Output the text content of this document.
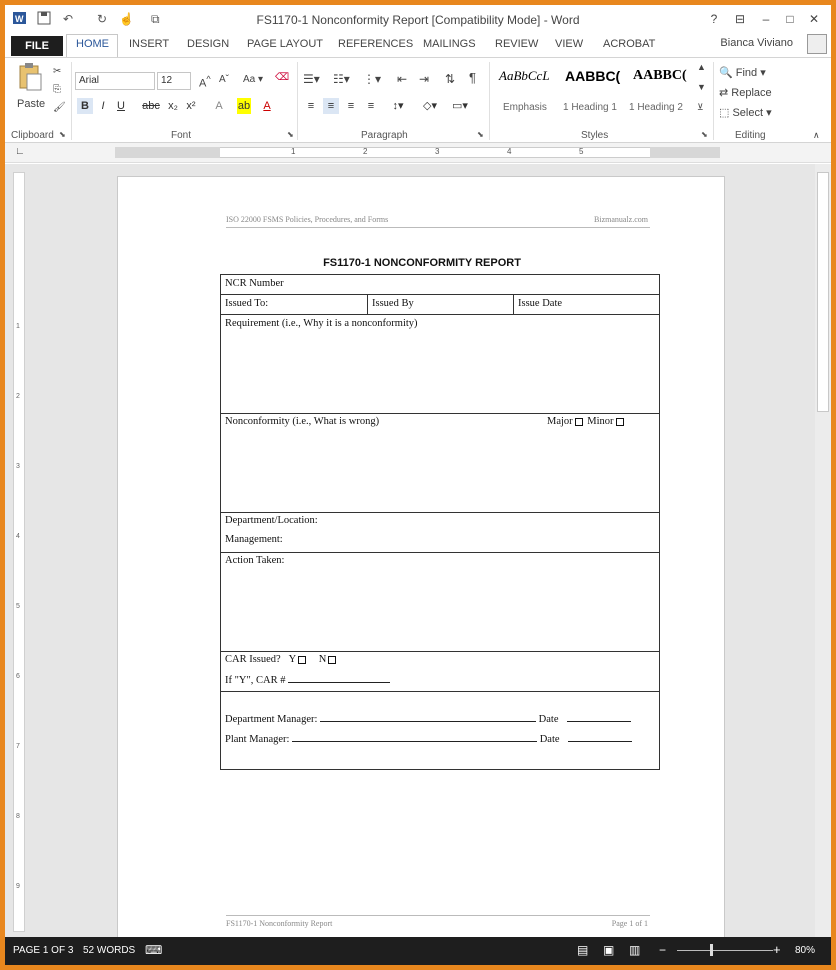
W	↶ ↻ ☝ ⧉	FS1170-1 Nonconformity Report [Compatibility Mode] - Word	?	⊟	–	□	✕
FILE	HOME INSERT DESIGN PAGE LAYOUT REFERENCES MAILINGS REVIEW VIEW ACROBAT	Bianca Viviano
Paste
✂
⎘
🖌
Clipboard ⬊
Arial	12	A^ Aˇ Aa ▾ ⌫
B	I	U	abc x₂ x²	A	ab	A
Font	⬊
☰▾ ☷▾ ⋮▾ ⇤ ⇥ ⇅ ¶
≡	≡	≡	≡	↕▾	◇▾	▭▾
Paragraph	⬊
AaBbCcL AABBC( AABBC(
Emphasis 1 Heading 1 1 Heading 2
▲
▼
⊻
Styles	⬊
🔍 Find ▾
⇄ Replace
⬚ Select ▾
Editing	∧
∟	1	2	3	4	5
1
2
3
4
5
6
7
8
9
ISO 22000 FSMS Policies, Procedures, and Forms	Bizmanualz.com
FS1170-1 NONCONFORMITY REPORT
NCR Number
Issued To:	Issued By	Issue Date
Requirement (i.e., Why it is a nonconformity)
Nonconformity (i.e., What is wrong)	Major Minor
Department/Location:
Management:
Action Taken:
CAR Issued? Y N
If "Y", CAR #
Department Manager:	Date
Plant Manager:	Date
FS1170-1 Nonconformity Report	Page 1 of 1
PAGE 1 OF 3 52 WORDS ⌨	▤ ▣ ▥ −	+ 80%
